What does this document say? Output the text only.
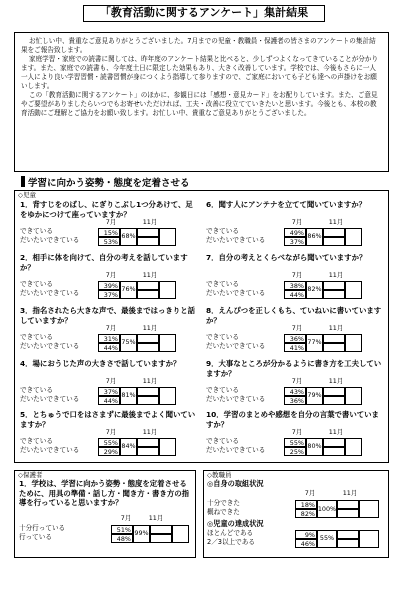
「教育活動に関するアンケート」集計結果

お忙しい中、貴重なご意見ありがとうございました。7月までの児童・教職員・保護者の皆さまのアンケートの集計結果をご報告致します。

家庭学習・家庭での読書に関しては、昨年度のアンケート結果と比べると、少しずつよくなってきていることが分かります。また、家庭での読書も、今年度土日に限定した効果もあり、大きく改善しています。学校では、今後もさらに一人一人により良い学習習慣・読書習慣が身につくよう指導して参りますので、ご家庭においても子ども達への声掛けをお願いします。

この「教育活動に関するアンケート」のほかに、参観日には「感想・意見カード」をお配りしています。また、ご意見やご要望がありましたらいつでもお寄せいただければ、工夫・改善に役立てていきたいと思います。今後とも、本校の教育活動にご理解とご協力をお願い致します。お忙しい中、貴重なご意見ありがとうございました。

学習に向かう姿勢・態度を定着させる
◇児童
1．背すじをのばし、にぎりこぶし1つ分あけて、足をゆかにつけて座っていますか？
7月	11月
できている	15%
だいたいできている	53%
68%
2．相手に体を向けて、自分の考えを話していますか？
7月	11月
できている	39%
だいたいできている	37%
76%
3．指名されたら大きな声で、最後まではっきりと話していますか？
7月	11月
できている	31%
だいたいできている	44%
75%
4．場におうじた声の大きさで話していますか？
7月	11月
できている	37%
だいたいできている	44%
81%
5．とちゅうで口をはさまずに最後までよく聞いていますか？
7月	11月
できている	55%
だいたいできている	29%
84%
6．聞す人にアンテナを立てて聞いていますか？
7月	11月
できている	49%
だいたいできている	37%
86%
7．自分の考えとくらべながら聞いていますか？
7月	11月
できている	38%
だいたいできている	44%
82%
8．えんぴつを正しくもち、ていねいに書いていますか？
7月	11月
できている	36%
だいたいできている	41%
77%
9．大事なところが分かるように書き方を工夫していますか？
7月	11月
できている	43%
だいたいできている	36%
79%
10．学習のまとめや感想を自分の言葉で書いていますか？
7月	11月
できている	55%
だいたいできている	25%
80%
◇保護者
1．学校は、学習に向かう姿勢・態度を定着させるために、用具の準備・話し方・聞き方・書き方の指導を行っていると思いますか？
7月	11月
十分行っている	51%
行っている	48%
99%
◇教職員
◎自身の取組状況
7月	11月
十分できた	18%
概ねできた	82%
100%
◎児童の達成状況
ほとんどである	9%
2／3以上である	46%
55%
